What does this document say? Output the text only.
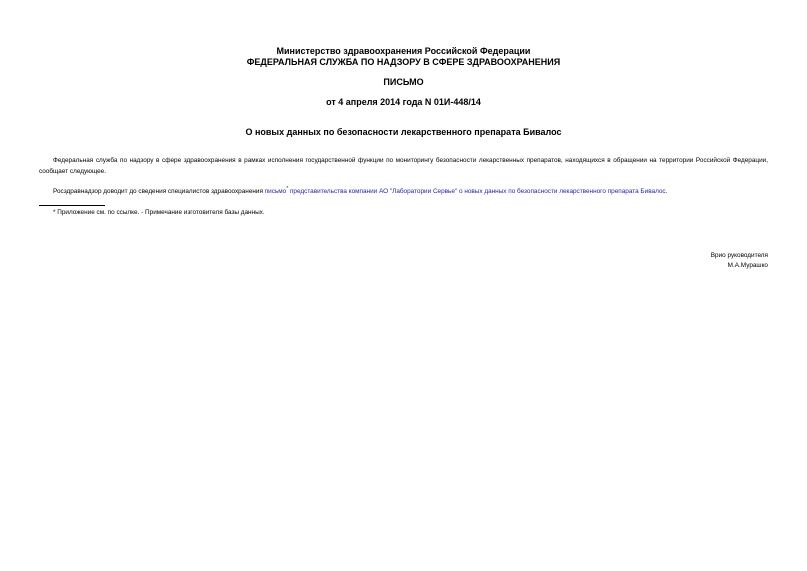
Министерство здравоохранения Российской Федерации
ФЕДЕРАЛЬНАЯ СЛУЖБА ПО НАДЗОРУ В СФЕРЕ ЗДРАВООХРАНЕНИЯ
ПИСЬМО
от 4 апреля 2014 года N 01И-448/14
О новых данных по безопасности лекарственного препарата Бивалос
Федеральная служба по надзору в сфере здравоохранения в рамках исполнения государственной функции по мониторингу безопасности лекарственных препаратов, находящихся в обращении на территории Российской Федерации, сообщает следующее.
Росздравнадзор доводит до сведения специалистов здравоохранения письмо* представительства компании АО "Лаборатории Сервье" о новых данных по безопасности лекарственного препарата Бивалос.
* Приложение см. по ссылке. - Примечание изготовителя базы данных.
Врио руководителя
М.А.Мурашко
